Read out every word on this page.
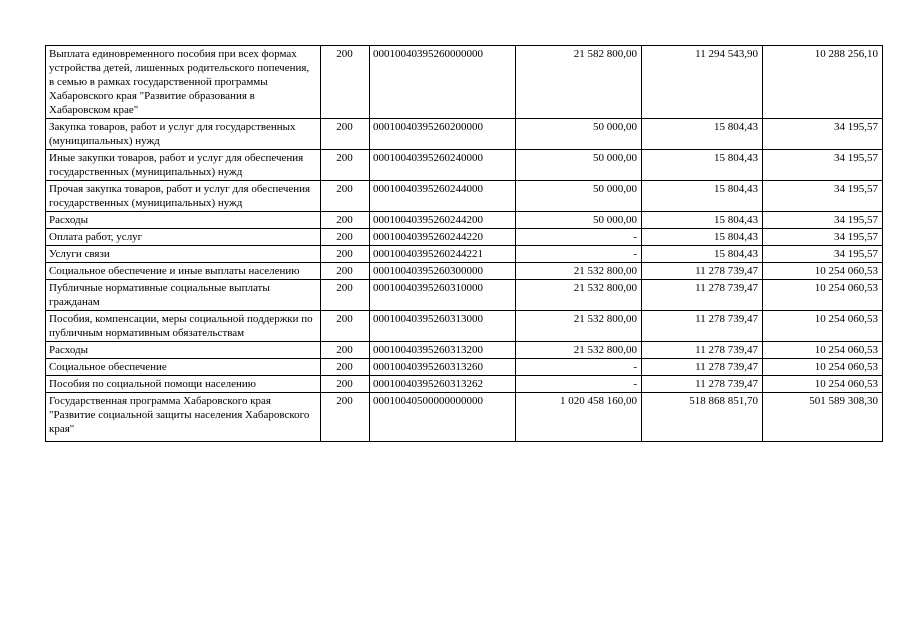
Выплата единовременного пособия при всех формах устройства детей, лишенных родительского попечения, в семью в рамках государственной программы Хабаровского края "Развитие образования в Хабаровском крае"	200	00010040395260000000	21 582 800,00	11 294 543,90	10 288 256,10
Закупка товаров, работ и услуг для государственных (муниципальных) нужд	200	00010040395260200000	50 000,00	15 804,43	34 195,57
Иные закупки товаров, работ и услуг для обеспечения государственных (муниципальных) нужд	200	00010040395260240000	50 000,00	15 804,43	34 195,57
Прочая закупка товаров, работ и услуг для обеспечения государственных (муниципальных) нужд	200	00010040395260244000	50 000,00	15 804,43	34 195,57
Расходы	200	00010040395260244200	50 000,00	15 804,43	34 195,57
Оплата работ, услуг	200	00010040395260244220	-	15 804,43	34 195,57
Услуги связи	200	00010040395260244221	-	15 804,43	34 195,57
Социальное обеспечение и иные выплаты населению	200	00010040395260300000	21 532 800,00	11 278 739,47	10 254 060,53
Публичные нормативные социальные выплаты гражданам	200	00010040395260310000	21 532 800,00	11 278 739,47	10 254 060,53
Пособия, компенсации, меры социальной поддержки по публичным нормативным обязательствам	200	00010040395260313000	21 532 800,00	11 278 739,47	10 254 060,53
Расходы	200	00010040395260313200	21 532 800,00	11 278 739,47	10 254 060,53
Социальное обеспечение	200	00010040395260313260	-	11 278 739,47	10 254 060,53
Пособия по социальной помощи населению	200	00010040395260313262	-	11 278 739,47	10 254 060,53
Государственная программа Хабаровского края "Развитие социальной защиты населения Хабаровского края"	200	00010040500000000000	1 020 458 160,00	518 868 851,70	501 589 308,30
